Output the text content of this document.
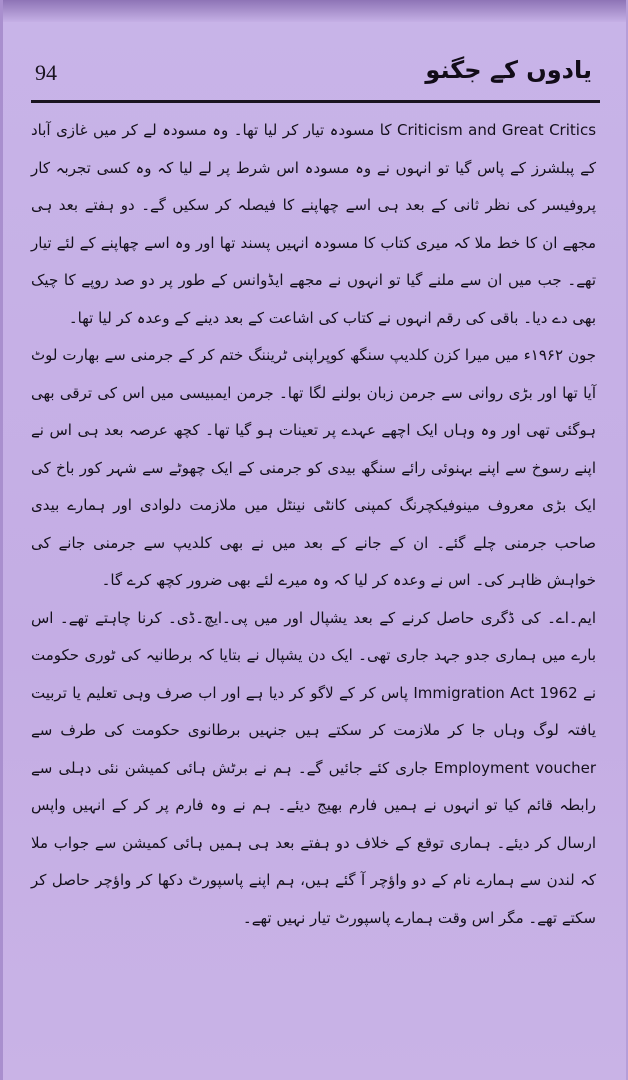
94	یادوں کے جگنو

Criticism and Great Critics کا مسودہ تیار کر لیا تھا۔ وہ مسودہ لے کر میں غازی آباد کے پبلشرز کے پاس گیا تو انہوں نے وہ مسودہ اس شرط پر لے لیا کہ وہ کسی تجربہ کار پروفیسر کی نظر ثانی کے بعد ہی اسے چھاپنے کا فیصلہ کر سکیں گے۔ دو ہفتے بعد ہی مجھے ان کا خط ملا کہ میری کتاب کا مسودہ انہیں پسند تھا اور وہ اسے چھاپنے کے لئے تیار تھے۔ جب میں ان سے ملنے گیا تو انہوں نے مجھے ایڈوانس کے طور پر دو صد روپے کا چیک بھی دے دیا۔ باقی کی رقم انہوں نے کتاب کی اشاعت کے بعد دینے کے وعدہ کر لیا تھا۔

جون ۱۹۶۲ء میں میرا کزن کلدیپ سنگھ کوپراپنی ٹریننگ ختم کر کے جرمنی سے بھارت لوٹ آیا تھا اور بڑی روانی سے جرمن زبان بولنے لگا تھا۔ جرمن ایمبیسی میں اس کی ترقی بھی ہوگئی تھی اور وہ وہاں ایک اچھے عہدے پر تعینات ہو گیا تھا۔ کچھ عرصہ بعد ہی اس نے اپنے رسوخ سے اپنے بہنوئی رائے سنگھ بیدی کو جرمنی کے ایک چھوٹے سے شہر کور باخ کی ایک بڑی معروف مینوفیکچرنگ کمپنی کانٹی نینٹل میں ملازمت دلوادی اور ہمارے بیدی صاحب جرمنی چلے گئے۔ ان کے جانے کے بعد میں نے بھی کلدیپ سے جرمنی جانے کی خواہش ظاہر کی۔ اس نے وعدہ کر لیا کہ وہ میرے لئے بھی ضرور کچھ کرے گا۔

ایم۔اے۔ کی ڈگری حاصل کرنے کے بعد یشپال اور میں پی۔ایچ۔ڈی۔ کرنا چاہتے تھے۔ اس بارے میں ہماری جدو جہد جاری تھی۔ ایک دن یشپال نے بتایا کہ برطانیہ کی ٹوری حکومت نے Immigration Act 1962 پاس کر کے لاگو کر دیا ہے اور اب صرف وہی تعلیم یا تربیت یافتہ لوگ وہاں جا کر ملازمت کر سکتے ہیں جنہیں برطانوی حکومت کی طرف سے Employment voucher جاری کئے جائیں گے۔ ہم نے برٹش ہائی کمیشن نئی دہلی سے رابطہ قائم کیا تو انہوں نے ہمیں فارم بھیج دیئے۔ ہم نے وہ فارم پر کر کے انہیں واپس ارسال کر دیئے۔ ہماری توقع کے خلاف دو ہفتے بعد ہی ہمیں ہائی کمیشن سے جواب ملا کہ لندن سے ہمارے نام کے دو واؤچر آ گئے ہیں، ہم اپنے پاسپورٹ دکھا کر واؤچر حاصل کر سکتے تھے۔ مگر اس وقت ہمارے پاسپورٹ تیار نہیں تھے۔
